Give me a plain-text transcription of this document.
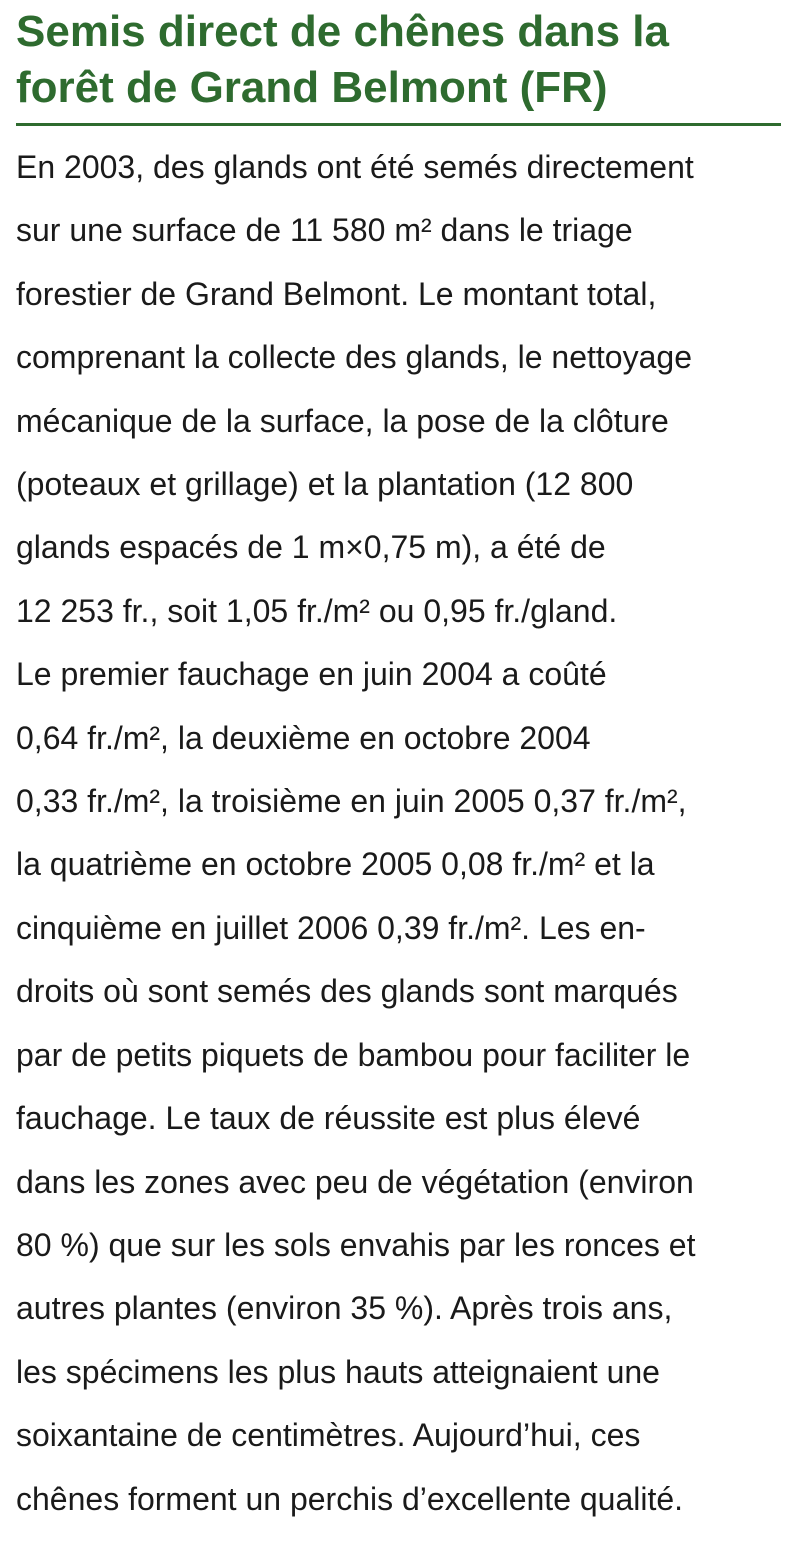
Semis direct de chênes dans la
forêt de Grand Belmont (FR)
En 2003, des glands ont été semés directement
sur une surface de 11 580 m² dans le triage
forestier de Grand Belmont. Le montant total,
comprenant la collecte des glands, le nettoyage
mécanique de la surface, la pose de la clôture
(poteaux et grillage) et la plantation (12 800
glands espacés de 1 m×0,75 m), a été de
12 253 fr., soit 1,05 fr./m² ou 0,95 fr./gland.
Le premier fauchage en juin 2004 a coûté
0,64 fr./m², la deuxième en octobre 2004
0,33 fr./m², la troisième en juin 2005 0,37 fr./m²,
la quatrième en octobre 2005 0,08 fr./m² et la
cinquième en juillet 2006 0,39 fr./m². Les en-
droits où sont semés des glands sont marqués
par de petits piquets de bambou pour faciliter le
fauchage. Le taux de réussite est plus élevé
dans les zones avec peu de végétation (environ
80 %) que sur les sols envahis par les ronces et
autres plantes (environ 35 %). Après trois ans,
les spécimens les plus hauts atteignaient une
soixantaine de centimètres. Aujourd’hui, ces
chênes forment un perchis d’excellente qualité.
